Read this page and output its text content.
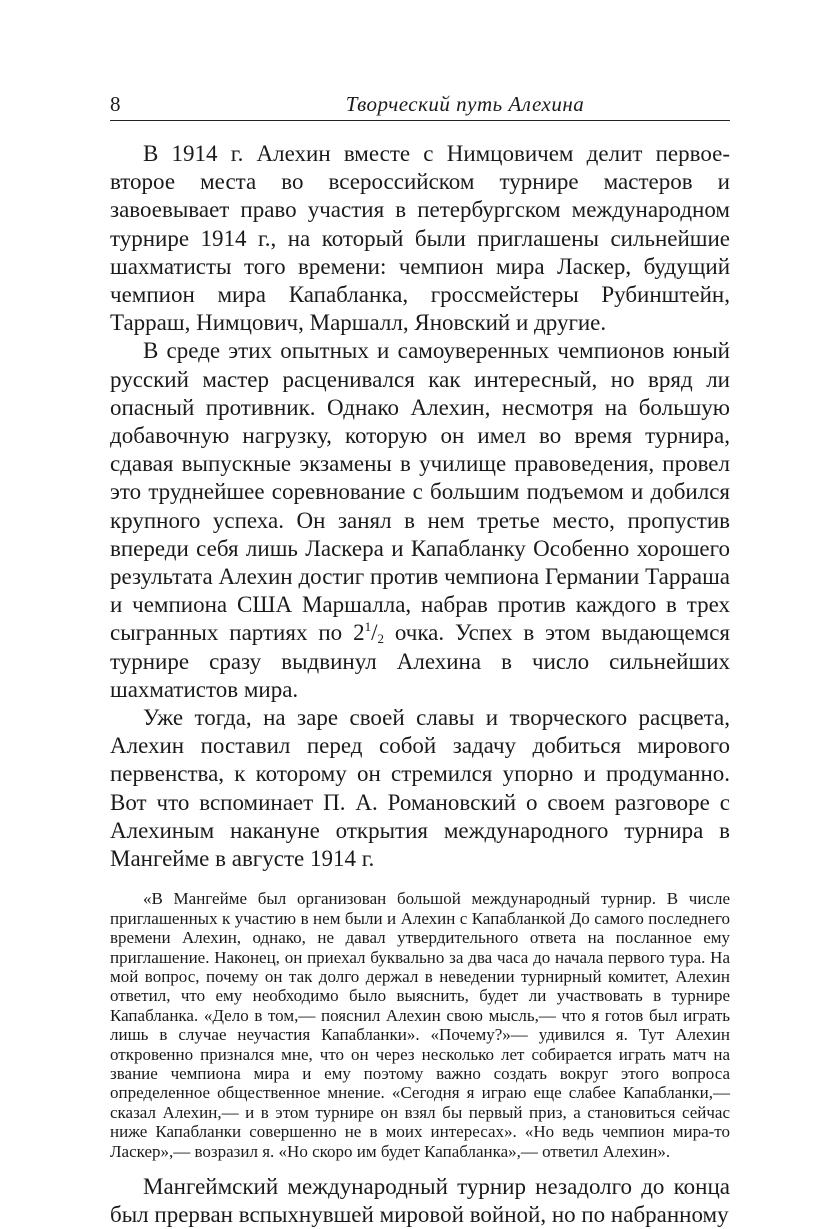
8	Творческий путь Алехина

В 1914 г. Алехин вместе с Нимцовичем делит первое-второе места во всероссийском турнире мастеров и завоевывает право участия в петербургском международном турнире 1914 г., на который были приглашены сильнейшие шахматисты того времени: чемпион мира Ласкер, будущий чемпион мира Капабланка, гроссмейстеры Рубинштейн, Тарраш, Нимцович, Маршалл, Яновский и другие.

В среде этих опытных и самоуверенных чемпионов юный русский мастер расценивался как интересный, но вряд ли опасный противник. Однако Алехин, несмотря на большую добавочную нагрузку, которую он имел во время турнира, сдавая выпускные экзамены в училище правоведения, провел это труднейшее соревнование с большим подъемом и добился крупного успеха. Он занял в нем третье место, пропустив впереди себя лишь Ласкера и Капабланку Особенно хорошего результата Алехин достиг против чемпиона Германии Тарраша и чемпиона США Маршалла, набрав против каждого в трех сыгранных партиях по $2^1/_2$ очка. Успех в этом выдающемся турнире сразу выдвинул Алехина в число сильнейших шахматистов мира.

Уже тогда, на заре своей славы и творческого расцвета, Алехин поставил перед собой задачу добиться мирового первенства, к которому он стремился упорно и продуманно. Вот что вспоминает П. А. Романовский о своем разговоре с Алехиным накануне открытия международного турнира в Мангейме в августе 1914 г.

«В Мангейме был организован большой международный турнир. В числе приглашенных к участию в нем были и Алехин с Капабланкой До самого последнего времени Алехин, однако, не давал утвердительного ответа на посланное ему приглашение. Наконец, он приехал буквально за два часа до начала первого тура. На мой вопрос, почему он так долго держал в неведении турнирный комитет, Алехин ответил, что ему необходимо было выяснить, будет ли участвовать в турнире Капабланка. «Дело в том,— пояснил Алехин свою мысль,— что я готов был играть лишь в случае неучастия Капабланки». «Почему?»— удивился я. Тут Алехин откровенно признался мне, что он через несколько лет собирается играть матч на звание чемпиона мира и ему поэтому важно создать вокруг этого вопроса определенное общественное мнение. «Сегодня я играю еще слабее Капабланки,— сказал Алехин,— и в этом турнире он взял бы первый приз, а становиться сейчас ниже Капабланки совершенно не в моих интересах». «Но ведь чемпион мира-то Ласкер»,— возразил я. «Но скоро им будет Капабланка»,— ответил Алехин».

Мангеймский международный турнир незадолго до конца был прерван вспыхнувшей мировой войной, но по набранному
